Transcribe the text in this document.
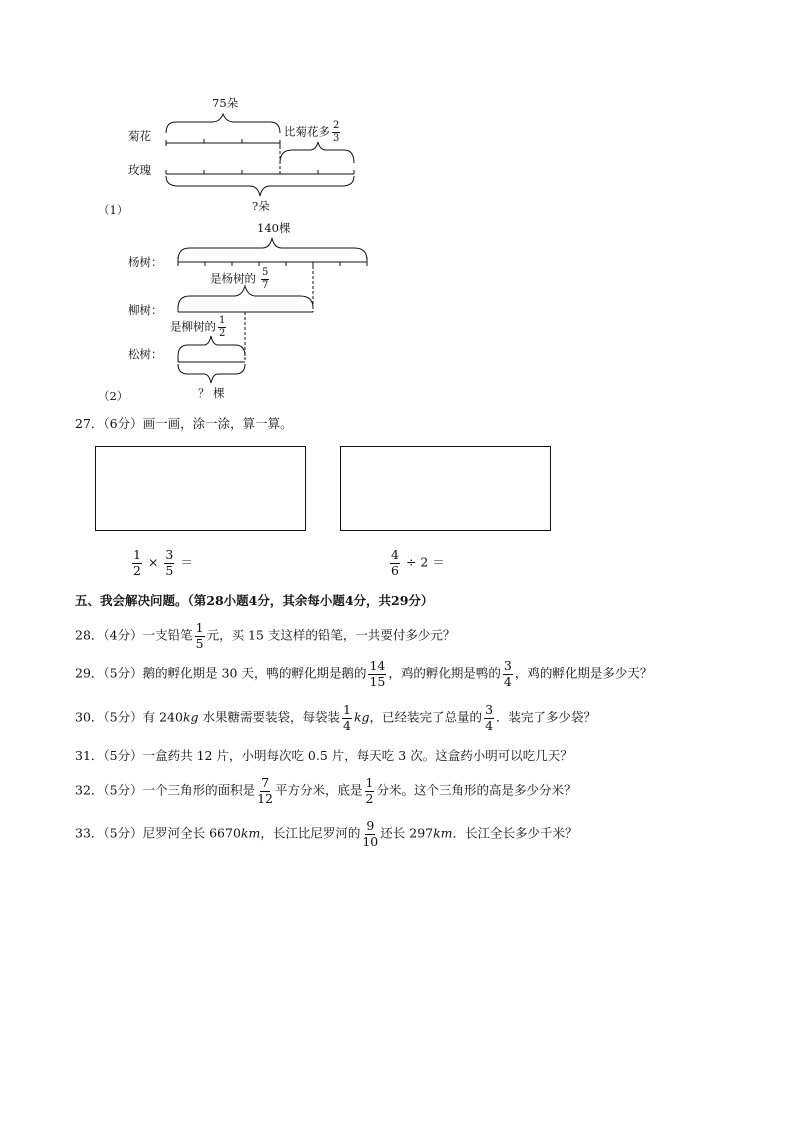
75朵
菊花
玫瑰
比菊花多 $\frac{2}{3}$
?朵
（1）
140棵
杨树：
柳树：
松树：
是杨树的 $\frac{5}{7}$
是柳树的 $\frac{1}{2}$
？ 棵
（2）
27．（6分）画一画，涂一涂，算一算。
$\frac{1}{2} \times \frac{3}{5}$ ＝	$\frac{4}{6} \div 2$ ＝
五、我会解决问题。（第28小题4分，其余每小题4分，共29分）
28．（4分）一支铅笔 $\frac{1}{5}$ 元，买 15 支这样的铅笔，一共要付多少元？
29．（5分）鹅的孵化期是 30 天，鸭的孵化期是鹅的 $\frac{14}{15}$ ，鸡的孵化期是鸭的 $\frac{3}{4}$ ，鸡的孵化期是多少天？
30．（5分）有 240kg 水果糖需要装袋，每袋装 $\frac{1}{4}$ kg，已经装完了总量的 $\frac{3}{4}$ ．装完了多少袋？
31．（5分）一盒药共 12 片，小明每次吃 0.5 片，每天吃 3 次。这盒药小明可以吃几天？
32．（5分）一个三角形的面积是 $\frac{7}{12}$ 平方分米，底是 $\frac{1}{2}$ 分米。这个三角形的高是多少分米？
33．（5分）尼罗河全长 6670km，长江比尼罗河的 $\frac{9}{10}$ 还长 297km．长江全长多少千米？
